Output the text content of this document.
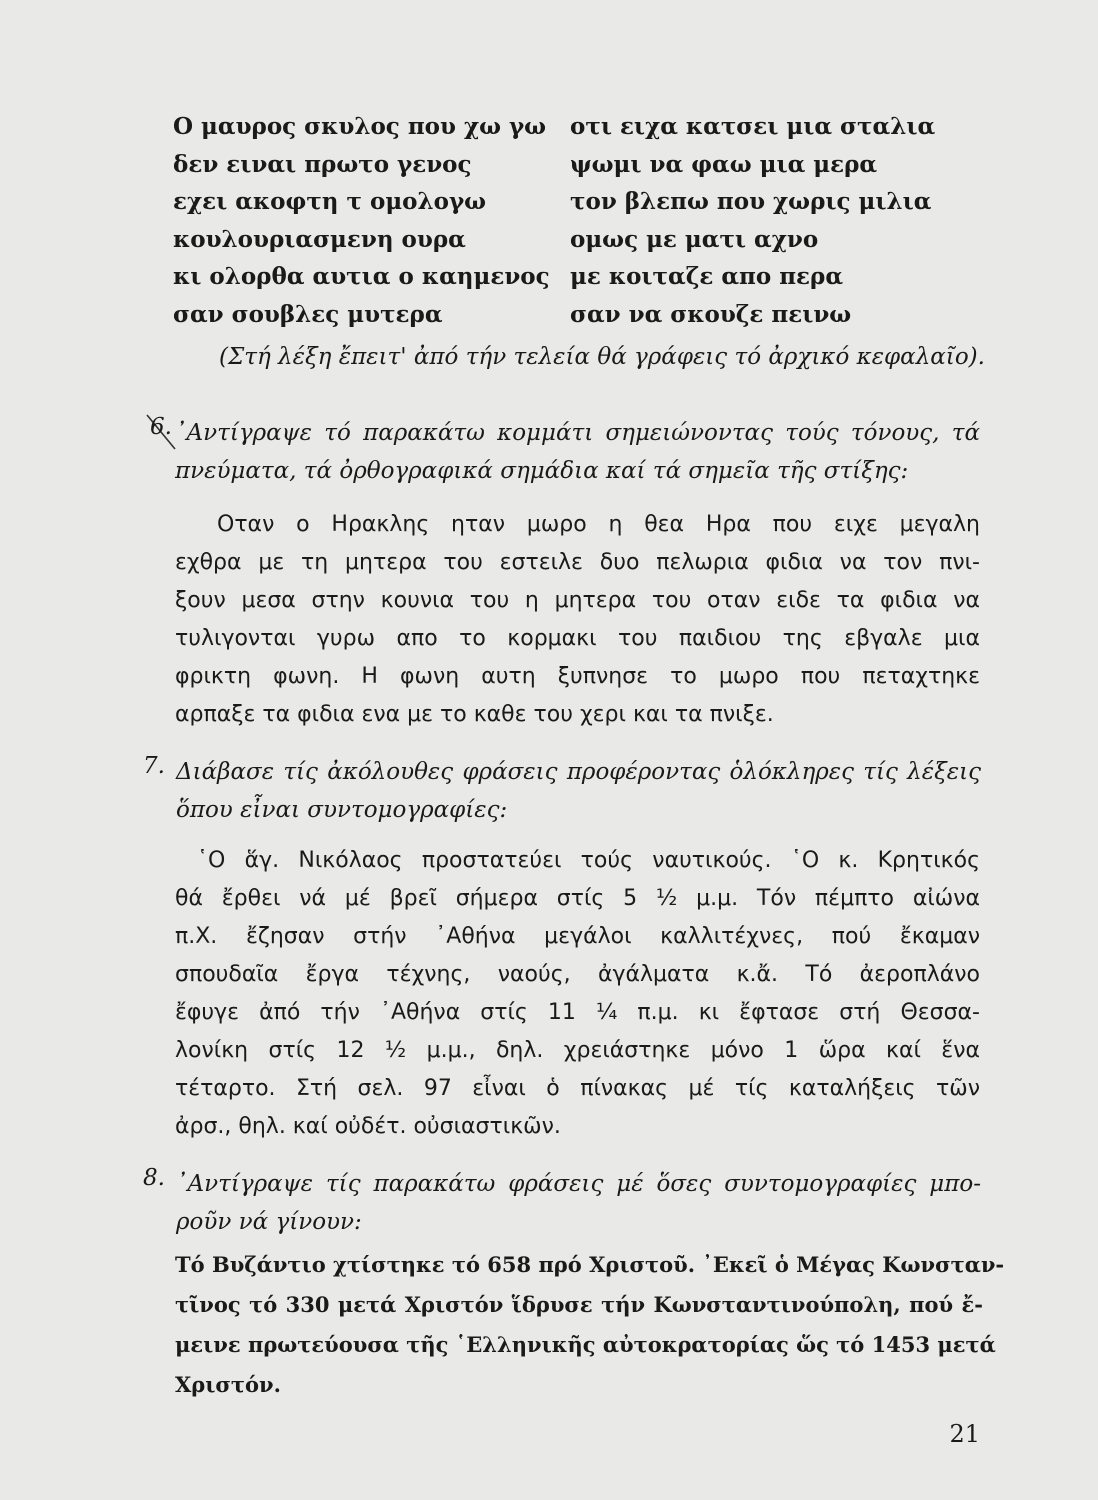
Ο μαυρος σκυλος που χω γω
δεν ειναι πρωτο γενος
εχει ακοφτη τ ομολογω
κουλουριασμενη ουρα
κι ολορθα αυτια ο καημενος
σαν σουβλες μυτερα
οτι ειχα κατσει μια σταλια
ψωμι να φαω μια μερα
τον βλεπω που χωρις μιλια
ομως με ματι αχνο
με κοιταζε απο περα
σαν να σκουζε πεινω
(Στή λέξη ἔπειτ' ἀπό τήν τελεία θά γράφεις τό ἀρχικό κεφαλαῖο).
6. ᾿Αντίγραψε τό παρακάτω κομμάτι σημειώνοντας τούς τόνους, τά
πνεύματα, τά ὀρθογραφικά σημάδια καί τά σημεῖα τῆς στίξης:
Οταν ο Ηρακλης ηταν μωρο η θεα Ηρα που ειχε μεγαλη
εχθρα με τη μητερα του εστειλε δυο πελωρια φιδια να τον πνι-
ξουν μεσα στην κουνια του η μητερα του οταν ειδε τα φιδια να
τυλιγονται γυρω απο το κορμακι του παιδιου της εβγαλε μια
φρικτη φωνη. Η φωνη αυτη ξυπνησε το μωρο που πεταχτηκε
αρπαξε τα φιδια ενα με το καθε του χερι και τα πνιξε.
7. Διάβασε τίς ἀκόλουθες φράσεις προφέροντας ὁλόκληρες τίς λέξεις
ὅπου εἶναι συντομογραφίες:
῾Ο ἅγ. Νικόλαος προστατεύει τούς ναυτικούς. ῾Ο κ. Κρητικός
θά ἔρθει νά μέ βρεῖ σήμερα στίς 5 ½ μ.μ. Τόν πέμπτο αἰώνα
π.Χ. ἔζησαν στήν ᾿Αθήνα μεγάλοι καλλιτέχνες, πού ἔκαμαν
σπουδαῖα ἔργα τέχνης, ναούς, ἀγάλματα κ.ἄ. Τό ἀεροπλάνο
ἔφυγε ἀπό τήν ᾿Αθήνα στίς 11 ¼ π.μ. κι ἔφτασε στή Θεσσα-
λονίκη στίς 12 ½ μ.μ., δηλ. χρειάστηκε μόνο 1 ὥρα καί ἕνα
τέταρτο. Στή σελ. 97 εἶναι ὁ πίνακας μέ τίς καταλήξεις τῶν
ἀρσ., θηλ. καί οὐδέτ. οὐσιαστικῶν.
8. ᾿Αντίγραψε τίς παρακάτω φράσεις μέ ὅσες συντομογραφίες μπο-
ροῦν νά γίνουν:
Τό Βυζάντιο χτίστηκε τό 658 πρό Χριστοῦ. ᾿Εκεῖ ὁ Μέγας Κωνσταν-
τῖνος τό 330 μετά Χριστόν ἵδρυσε τήν Κωνσταντινούπολη, πού ἔ-
μεινε πρωτεύουσα τῆς ῾Ελληνικῆς αὐτοκρατορίας ὥς τό 1453 μετά
Χριστόν.
21
